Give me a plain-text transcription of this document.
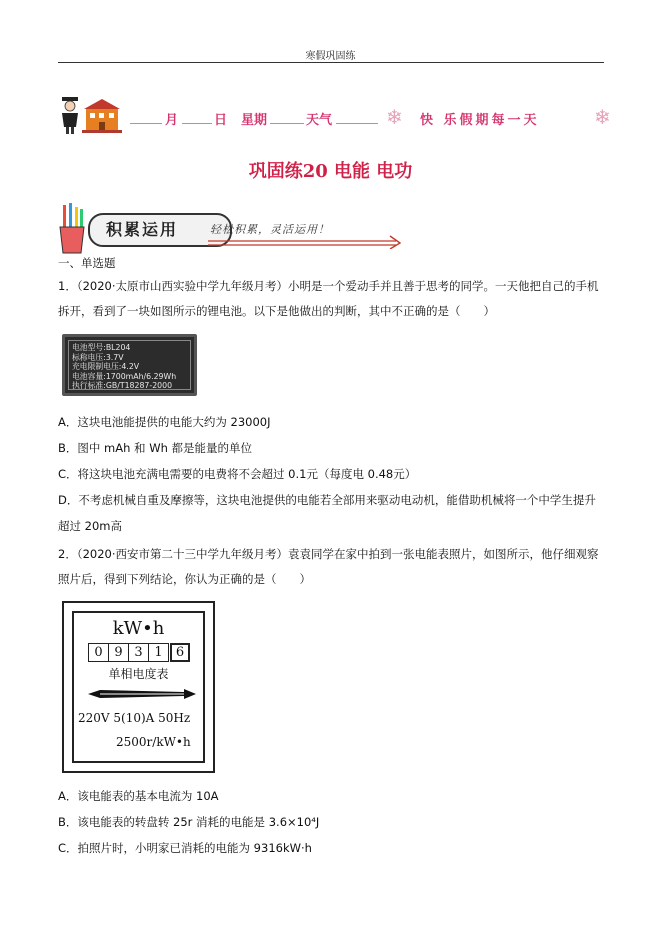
寒假巩固练
月	日 星期	天气	❄ 快 乐假期每一天	❄
巩固练20 电能 电功
积累运用	轻松积累，灵活运用！
一、单选题
1．（2020·太原市山西实验中学九年级月考）小明是一个爱动手并且善于思考的同学。一天他把自己的手机
拆开，看到了一块如图所示的锂电池。以下是他做出的判断，其中不正确的是（　　）
电池型号:BL204
标称电压:3.7V
充电限制电压:4.2V
电池容量:1700mAh/6.29Wh
执行标准:GB/T18287-2000
A．这块电池能提供的电能大约为 23000J
B．图中 mAh 和 Wh 都是能量的单位
C．将这块电池充满电需要的电费将不会超过 0.1元（每度电 0.48元）
D．不考虑机械自重及摩擦等，这块电池提供的电能若全部用来驱动电动机，能借助机械将一个中学生提升
超过 20m高
2．（2020·西安市第二十三中学九年级月考）袁袁同学在家中拍到一张电能表照片，如图所示，他仔细观察
照片后，得到下列结论，你认为正确的是（　　）
kW•h
0 9 3 1	6
单相电度表
220V 5(10)A 50Hz
2500r/kW•h
A．该电能表的基本电流为 10A
B．该电能表的转盘转 25r 消耗的电能是 3.6×10⁴J
C．拍照片时，小明家已消耗的电能为 9316kW·h
